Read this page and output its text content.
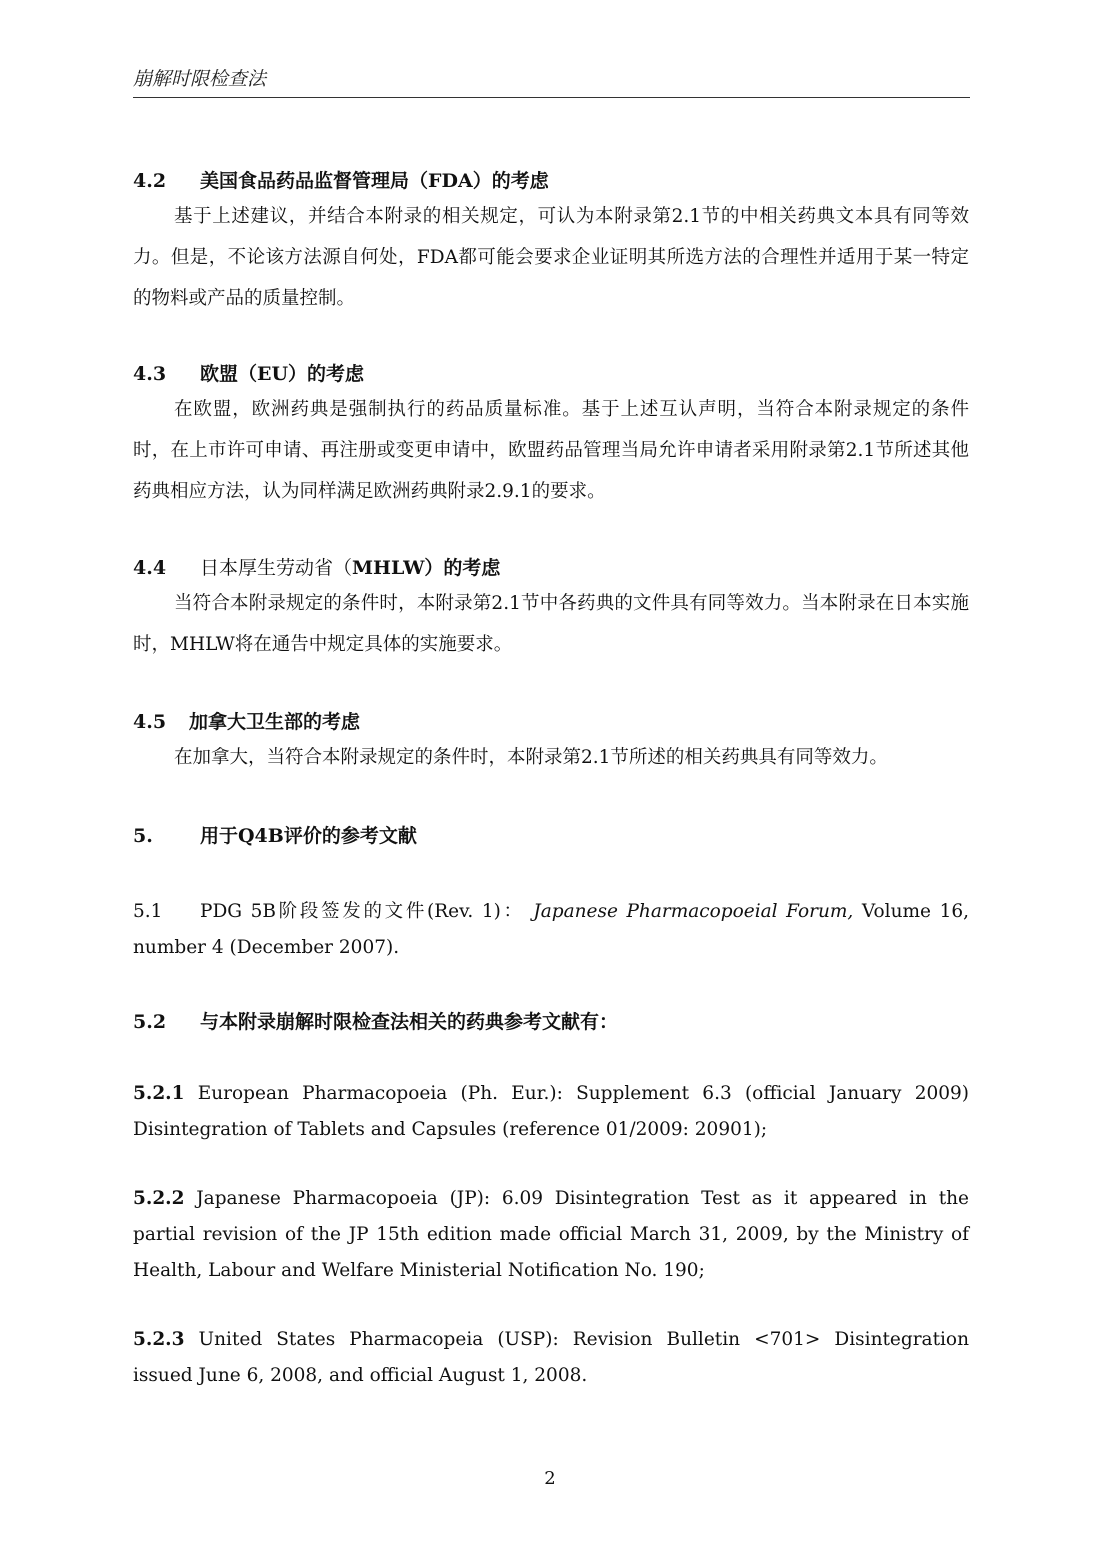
崩解时限检查法
4.2 美国食品药品监督管理局（FDA）的考虑

基于上述建议，并结合本附录的相关规定，可认为本附录第2.1节的中相关药典文本具有同等效力。但是，不论该方法源自何处，FDA都可能会要求企业证明其所选方法的合理性并适用于某一特定的物料或产品的质量控制。

4.3 欧盟（EU）的考虑

在欧盟，欧洲药典是强制执行的药品质量标准。基于上述互认声明，当符合本附录规定的条件时，在上市许可申请、再注册或变更申请中，欧盟药品管理当局允许申请者采用附录第2.1节所述其他药典相应方法，认为同样满足欧洲药典附录2.9.1的要求。

4.4 日本厚生劳动省（MHLW）的考虑

当符合本附录规定的条件时，本附录第2.1节中各药典的文件具有同等效力。当本附录在日本实施时，MHLW将在通告中规定具体的实施要求。

4.5 加拿大卫生部的考虑

在加拿大，当符合本附录规定的条件时，本附录第2.1节所述的相关药典具有同等效力。

5. 用于Q4B评价的参考文献

5.1 PDG 5B阶段签发的文件(Rev. 1)： Japanese Pharmacopoeial Forum, Volume 16, number 4 (December 2007).

5.2 与本附录崩解时限检查法相关的药典参考文献有：

5.2.1 European Pharmacopoeia (Ph. Eur.): Supplement 6.3 (official January 2009) Disintegration of Tablets and Capsules (reference 01/2009: 20901);

5.2.2 Japanese Pharmacopoeia (JP): 6.09 Disintegration Test as it appeared in the partial revision of the JP 15th edition made official March 31, 2009, by the Ministry of Health, Labour and Welfare Ministerial Notification No. 190;

5.2.3 United States Pharmacopeia (USP): Revision Bulletin <701> Disintegration issued June 6, 2008, and official August 1, 2008.

2
